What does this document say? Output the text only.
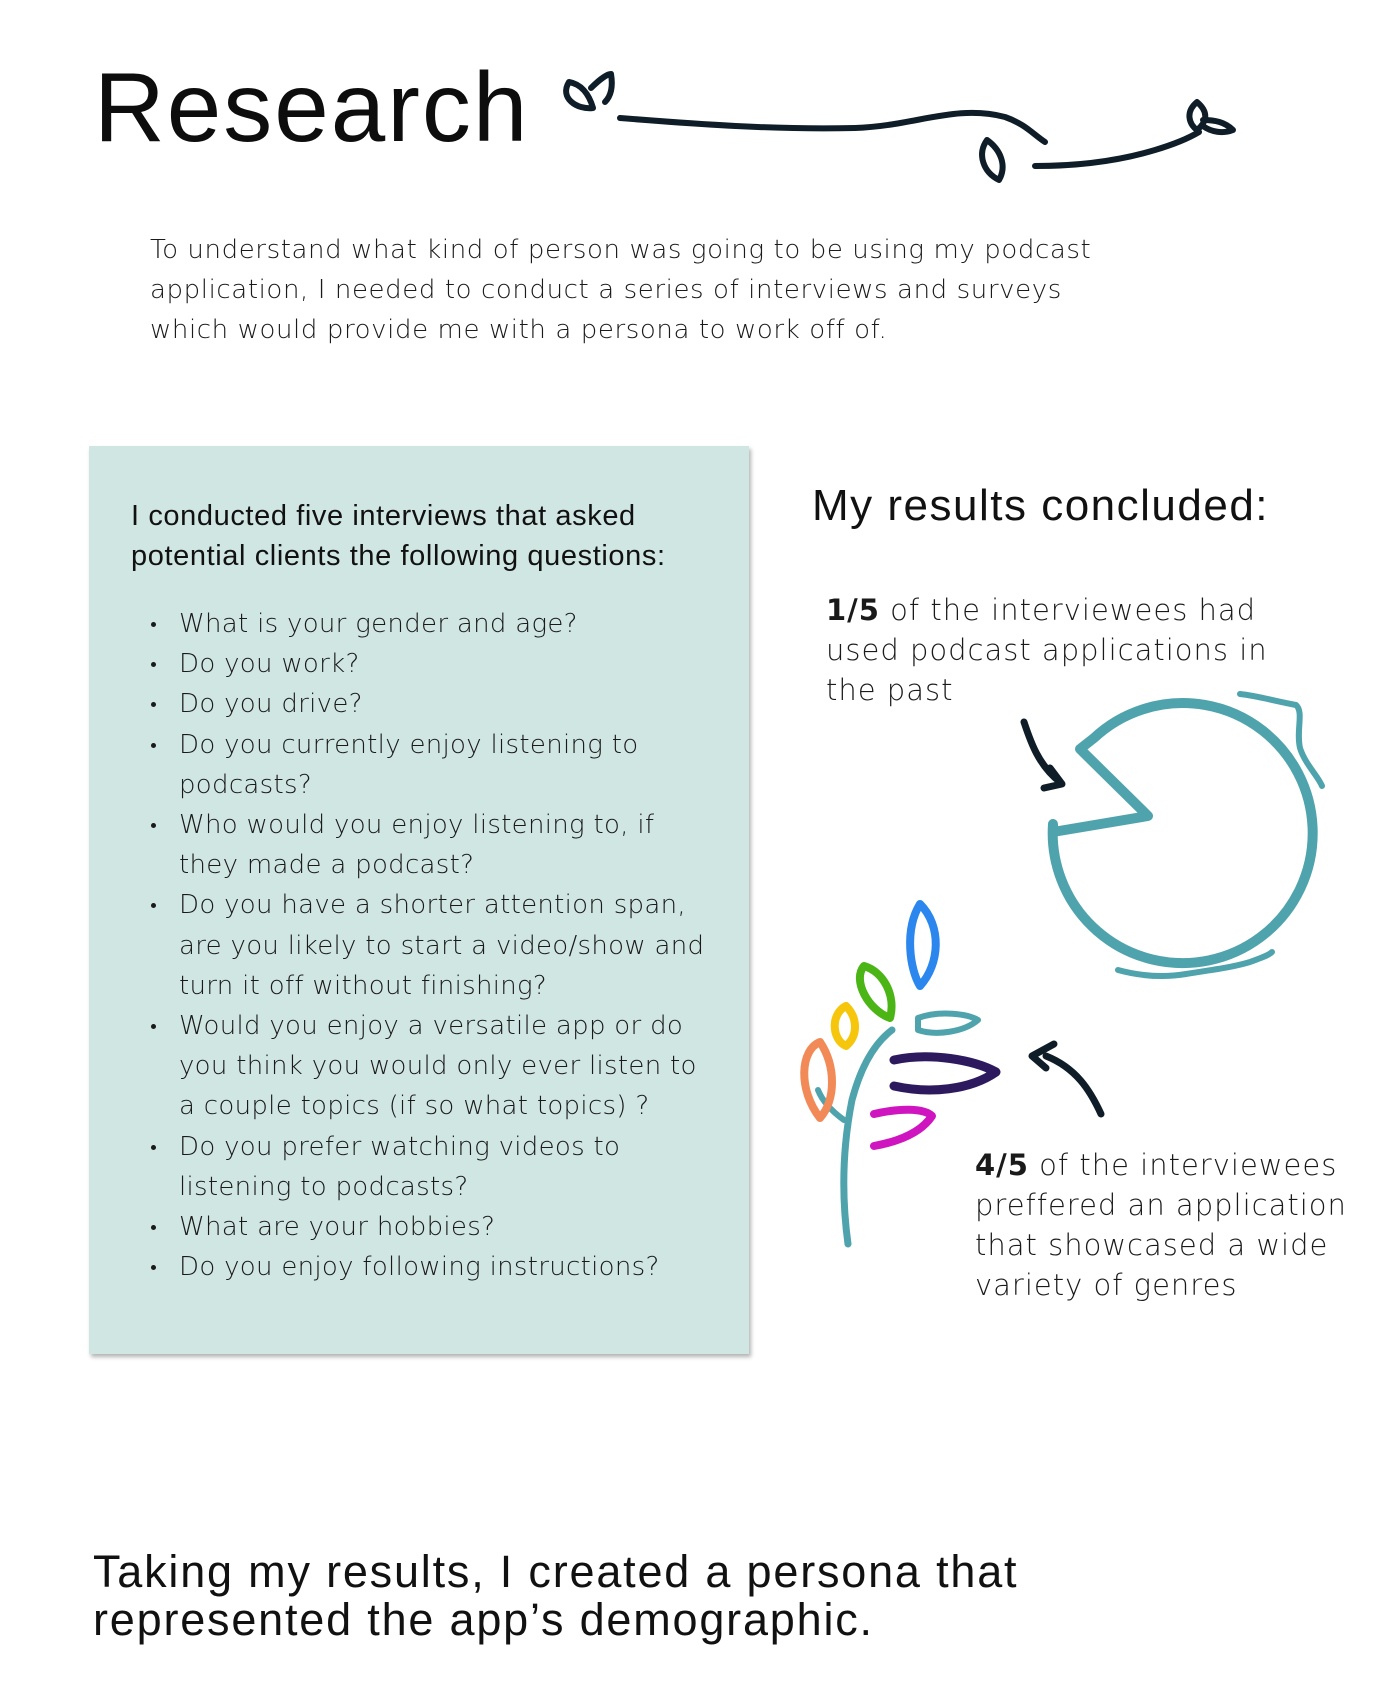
Research

To understand what kind of person was going to be using my podcast application, I needed to conduct a series of interviews and surveys which would provide me with a persona to work off of.

I conducted five interviews that asked potential clients the following questions:
What is your gender and age?
Do you work?
Do you drive?
Do you currently enjoy listening to podcasts?
Who would you enjoy listening to, if they made a podcast?
Do you have a shorter attention span, are you likely to start a video/show and turn it off without finishing?
Would you enjoy a versatile app or do you think you would only ever listen to a couple topics (if so what topics) ?
Do you prefer watching videos to listening to podcasts?
What are your hobbies?
Do you enjoy following instructions?
My results concluded:

1/5 of the interviewees had used podcast applications in the past

4/5 of the interviewees preffered an application that showcased a wide variety of genres

Taking my results, I created a persona that represented the app’s demographic.
